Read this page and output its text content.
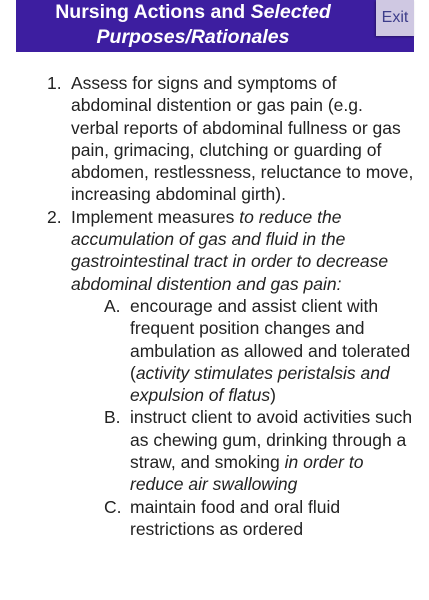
Nursing Actions and Selected
Purposes/Rationales
Exit
1. Assess for signs and symptoms of abdominal distention or gas pain (e.g. verbal reports of abdominal fullness or gas pain, grimacing, clutching or guarding of abdomen, restlessness, reluctance to move, increasing abdominal girth).
2. Implement measures to reduce the accumulation of gas and fluid in the gastrointestinal tract in order to decrease abdominal distention and gas pain:
A. encourage and assist client with frequent position changes and ambulation as allowed and tolerated (activity stimulates peristalsis and expulsion of flatus)
B. instruct client to avoid activities such as chewing gum, drinking through a straw, and smoking in order to reduce air swallowing
C. maintain food and oral fluid restrictions as ordered
